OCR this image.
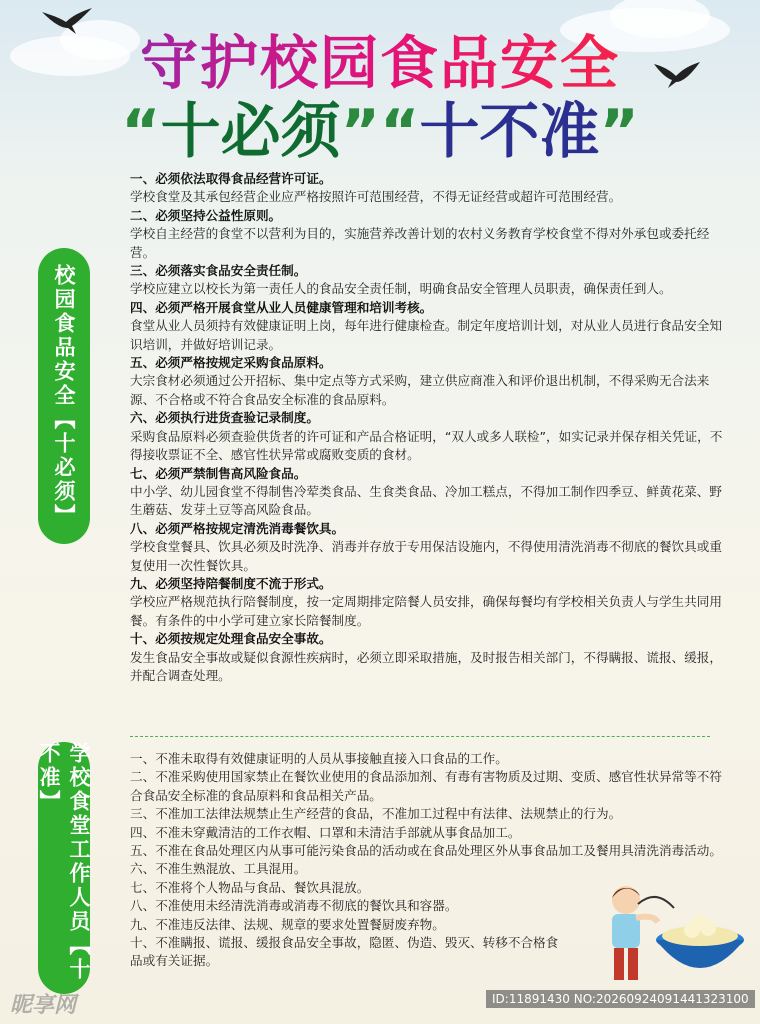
守护校园食品安全
“十必须”“十不准”
校园食品安全【十必须】
学校食堂工作人员【十不准】
一、必须依法取得食品经营许可证。
学校食堂及其承包经营企业应严格按照许可范围经营，不得无证经营或超许可范围经营。
二、必须坚持公益性原则。
学校自主经营的食堂不以营利为目的，实施营养改善计划的农村义务教育学校食堂不得对外承包或委托经营。
三、必须落实食品安全责任制。
学校应建立以校长为第一责任人的食品安全责任制，明确食品安全管理人员职责，确保责任到人。
四、必须严格开展食堂从业人员健康管理和培训考核。
食堂从业人员须持有效健康证明上岗，每年进行健康检查。制定年度培训计划，对从业人员进行食品安全知识培训，并做好培训记录。
五、必须严格按规定采购食品原料。
大宗食材必须通过公开招标、集中定点等方式采购，建立供应商准入和评价退出机制，不得采购无合法来源、不合格或不符合食品安全标准的食品原料。
六、必须执行进货查验记录制度。
采购食品原料必须查验供货者的许可证和产品合格证明，“双人或多人联检”，如实记录并保存相关凭证，不得接收票证不全、感官性状异常或腐败变质的食材。
七、必须严禁制售高风险食品。
中小学、幼儿园食堂不得制售冷荤类食品、生食类食品、冷加工糕点，不得加工制作四季豆、鲜黄花菜、野生蘑菇、发芽土豆等高风险食品。
八、必须严格按规定清洗消毒餐饮具。
学校食堂餐具、饮具必须及时洗净、消毒并存放于专用保洁设施内，不得使用清洗消毒不彻底的餐饮具或重复使用一次性餐饮具。
九、必须坚持陪餐制度不流于形式。
学校应严格规范执行陪餐制度，按一定周期排定陪餐人员安排，确保每餐均有学校相关负责人与学生共同用餐。有条件的中小学可建立家长陪餐制度。
十、必须按规定处理食品安全事故。
发生食品安全事故或疑似食源性疾病时，必须立即采取措施，及时报告相关部门，不得瞒报、谎报、缓报，并配合调查处理。
一、不准未取得有效健康证明的人员从事接触直接入口食品的工作。
二、不准采购使用国家禁止在餐饮业使用的食品添加剂、有毒有害物质及过期、变质、感官性状异常等不符合食品安全标准的食品原料和食品相关产品。
三、不准加工法律法规禁止生产经营的食品，不准加工过程中有法律、法规禁止的行为。
四、不准未穿戴清洁的工作衣帽、口罩和未清洁手部就从事食品加工。
五、不准在食品处理区内从事可能污染食品的活动或在食品处理区外从事食品加工及餐用具清洗消毒活动。
六、不准生熟混放、工具混用。
七、不准将个人物品与食品、餐饮具混放。
八、不准使用未经清洗消毒或消毒不彻底的餐饮具和容器。
九、不准违反法律、法规、规章的要求处置餐厨废弃物。
十、不准瞒报、谎报、缓报食品安全事故，隐匿、伪造、毁灭、转移不合格食品或有关证据。
昵享网	ID:11891430 NO:20260924091441323100
